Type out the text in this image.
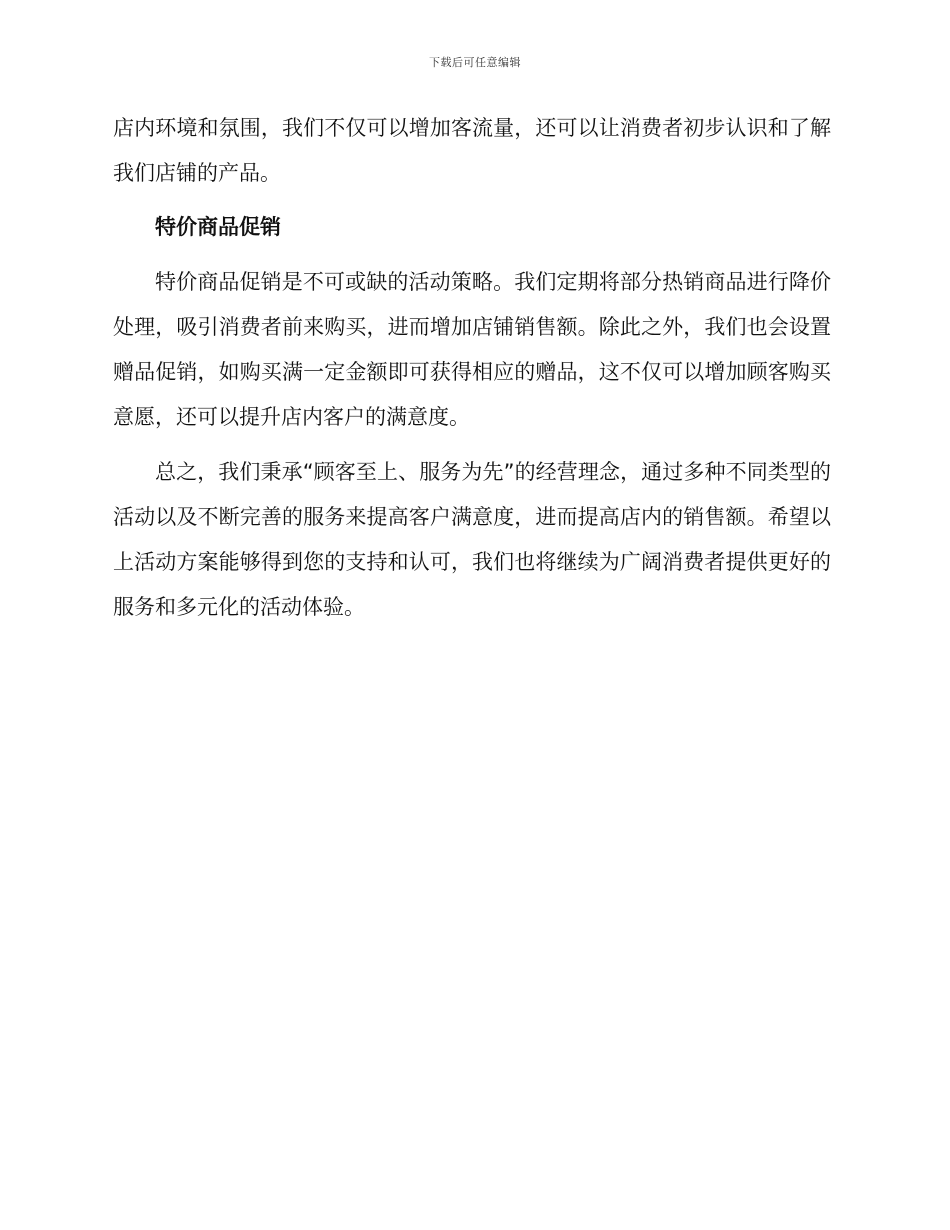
下载后可任意编辑

店内环境和氛围，我们不仅可以增加客流量，还可以让消费者初步认识和了解我们店铺的产品。

特价商品促销

特价商品促销是不可或缺的活动策略。我们定期将部分热销商品进行降价处理，吸引消费者前来购买，进而增加店铺销售额。除此之外，我们也会设置赠品促销，如购买满一定金额即可获得相应的赠品，这不仅可以增加顾客购买意愿，还可以提升店内客户的满意度。

总之，我们秉承“顾客至上、服务为先”的经营理念，通过多种不同类型的活动以及不断完善的服务来提高客户满意度，进而提高店内的销售额。希望以上活动方案能够得到您的支持和认可，我们也将继续为广阔消费者提供更好的服务和多元化的活动体验。
